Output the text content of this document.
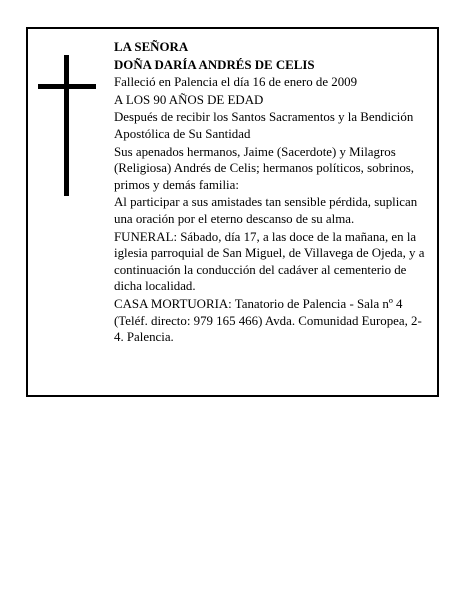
LA SEÑORA

DOÑA DARÍA ANDRÉS DE CELIS

Falleció en Palencia el día 16 de enero de 2009

A LOS 90 AÑOS DE EDAD

Después de recibir los Santos Sacramentos y la Bendición Apostólica de Su Santidad

Sus apenados hermanos, Jaime (Sacerdote) y Milagros (Religiosa) Andrés de Celis; hermanos políticos, sobrinos, primos y demás familia:

Al participar a sus amistades tan sensible pérdida, suplican una oración por el eterno descanso de su alma.

FUNERAL: Sábado, día 17, a las doce de la mañana, en la iglesia parroquial de San Miguel, de Villavega de Ojeda, y a continuación la conducción del cadáver al cementerio de dicha localidad.

CASA MORTUORIA: Tanatorio de Palencia - Sala nº 4 (Teléf. directo: 979 165 466) Avda. Comunidad Europea, 2-4. Palencia.
